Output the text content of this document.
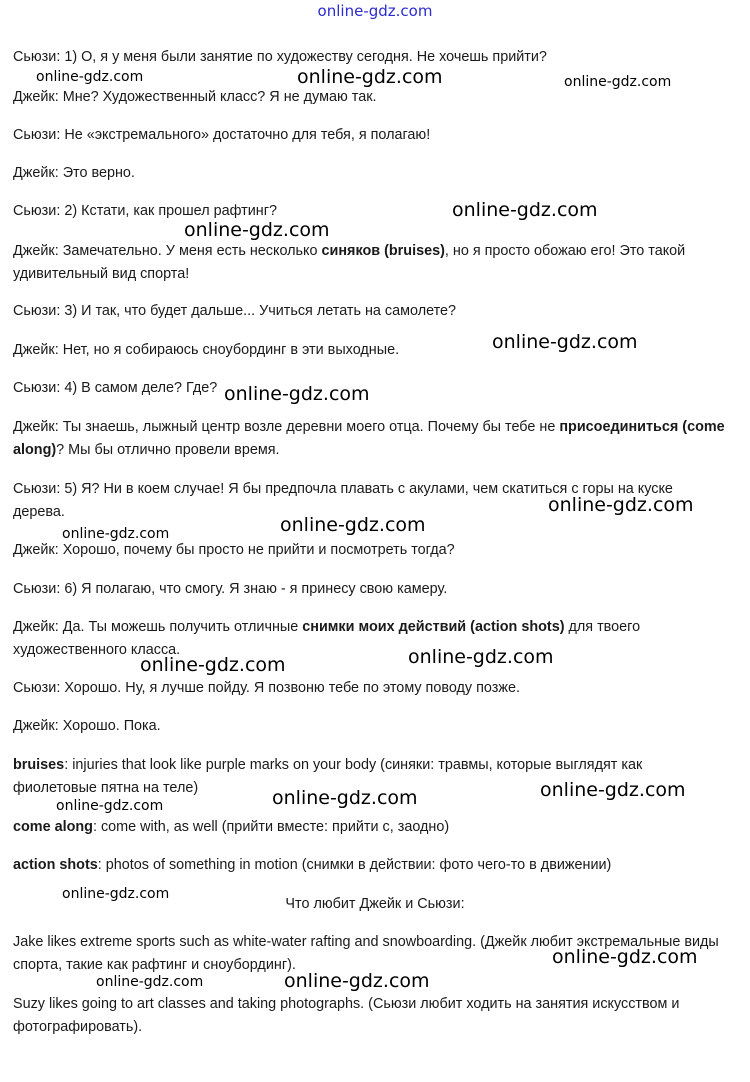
online-gdz.com

Сьюзи: 1) О, я у меня были занятие по художеству сегодня. Не хочешь прийти?

Джейк: Мне? Художественный класс? Я не думаю так.

Сьюзи: Не «экстремального» достаточно для тебя, я полагаю!

Джейк: Это верно.

Сьюзи: 2) Кстати, как прошел рафтинг?

Джейк: Замечательно. У меня есть несколько синяков (bruises), но я просто обожаю его! Это такой удивительный вид спорта!

Сьюзи: 3) И так, что будет дальше... Учиться летать на самолете?

Джейк: Нет, но я собираюсь сноубординг в эти выходные.

Сьюзи: 4) В самом деле? Где?

Джейк: Ты знаешь, лыжный центр возле деревни моего отца. Почему бы тебе не присоединиться (come along)? Мы бы отлично провели время.

Сьюзи: 5) Я? Ни в коем случае! Я бы предпочла плавать с акулами, чем скатиться с горы на куске дерева.

Джейк: Хорошо, почему бы просто не прийти и посмотреть тогда?

Сьюзи: 6) Я полагаю, что смогу. Я знаю - я принесу свою камеру.

Джейк: Да. Ты можешь получить отличные снимки моих действий (action shots) для твоего художественного класса.

Сьюзи: Хорошо. Ну, я лучше пойду. Я позвоню тебе по этому поводу позже.

Джейк: Хорошо. Пока.

bruises: injuries that look like purple marks on your body (синяки: травмы, которые выглядят как фиолетовые пятна на теле)

come along: come with, as well (прийти вместе: прийти с, заодно)

action shots: photos of something in motion (снимки в действии: фото чего-то в движении)

Что любит Джейк и Сьюзи:

Jake likes extreme sports such as white-water rafting and snowboarding. (Джейк любит экстремальные виды спорта, такие как рафтинг и сноубординг).

Suzy likes going to art classes and taking photographs. (Сьюзи любит ходить на занятия искусством и фотографировать).

online-gdz.com	online-gdz.com	online-gdz.com
online-gdz.com
online-gdz.com
online-gdz.com
online-gdz.com
online-gdz.com
online-gdz.com
online-gdz.com
online-gdz.com	online-gdz.com
online-gdz.com	online-gdz.com
online-gdz.com
online-gdz.com
online-gdz.com
online-gdz.com
online-gdz.com
